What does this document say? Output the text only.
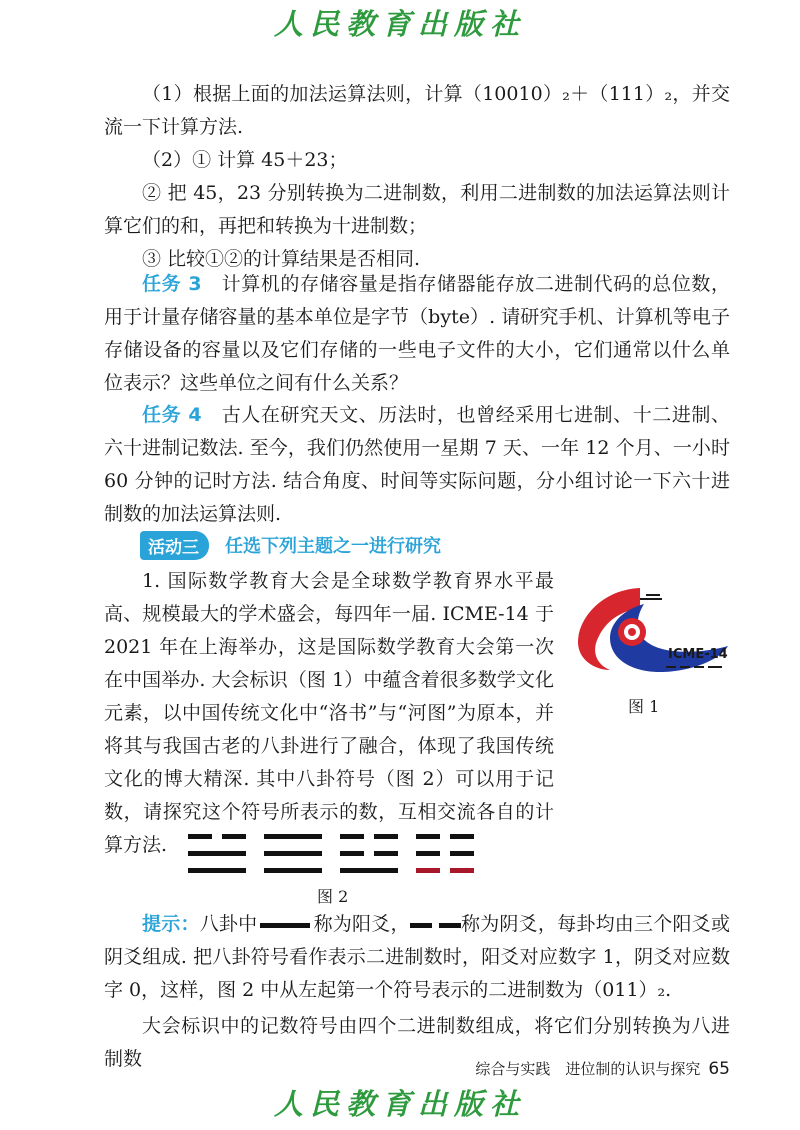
人民教育出版社
（1）根据上面的加法运算法则，计算（10010）₂＋（111）₂，并交流一下计算方法.
（2）① 计算 45＋23；
② 把 45，23 分别转换为二进制数，利用二进制数的加法运算法则计算它们的和，再把和转换为十进制数；
③ 比较①②的计算结果是否相同.
任务 3　计算机的存储容量是指存储器能存放二进制代码的总位数，用于计量存储容量的基本单位是字节（byte）. 请研究手机、计算机等电子存储设备的容量以及它们存储的一些电子文件的大小，它们通常以什么单位表示？这些单位之间有什么关系？
任务 4　古人在研究天文、历法时，也曾经采用七进制、十二进制、六十进制记数法. 至今，我们仍然使用一星期 7 天、一年 12 个月、一小时 60 分钟的记时方法. 结合角度、时间等实际问题，分小组讨论一下六十进制数的加法运算法则.
活动三	任选下列主题之一进行研究
1. 国际数学教育大会是全球数学教育界水平最高、规模最大的学术盛会，每四年一届. ICME-14 于 2021 年在上海举办，这是国际数学教育大会第一次在中国举办. 大会标识（图 1）中蕴含着很多数学文化元素，以中国传统文化中“洛书”与“河图”为原本，并将其与我国古老的八卦进行了融合，体现了我国传统文化的博大精深. 其中八卦符号（图 2）可以用于记数，请探究这个符号所表示的数，互相交流各自的计算方法.
ICME-14
图 1
图 2
提示：八卦中	称为阳爻，	称为阴爻，每卦均由三个阳爻或阴爻组成. 把八卦符号看作表示二进制数时，阳爻对应数字 1，阴爻对应数字 0，这样，图 2 中从左起第一个符号表示的二进制数为（011）₂.
大会标识中的记数符号由四个二进制数组成，将它们分别转换为八进制数	综合与实践　进位制的认识与探究 65
人民教育出版社
